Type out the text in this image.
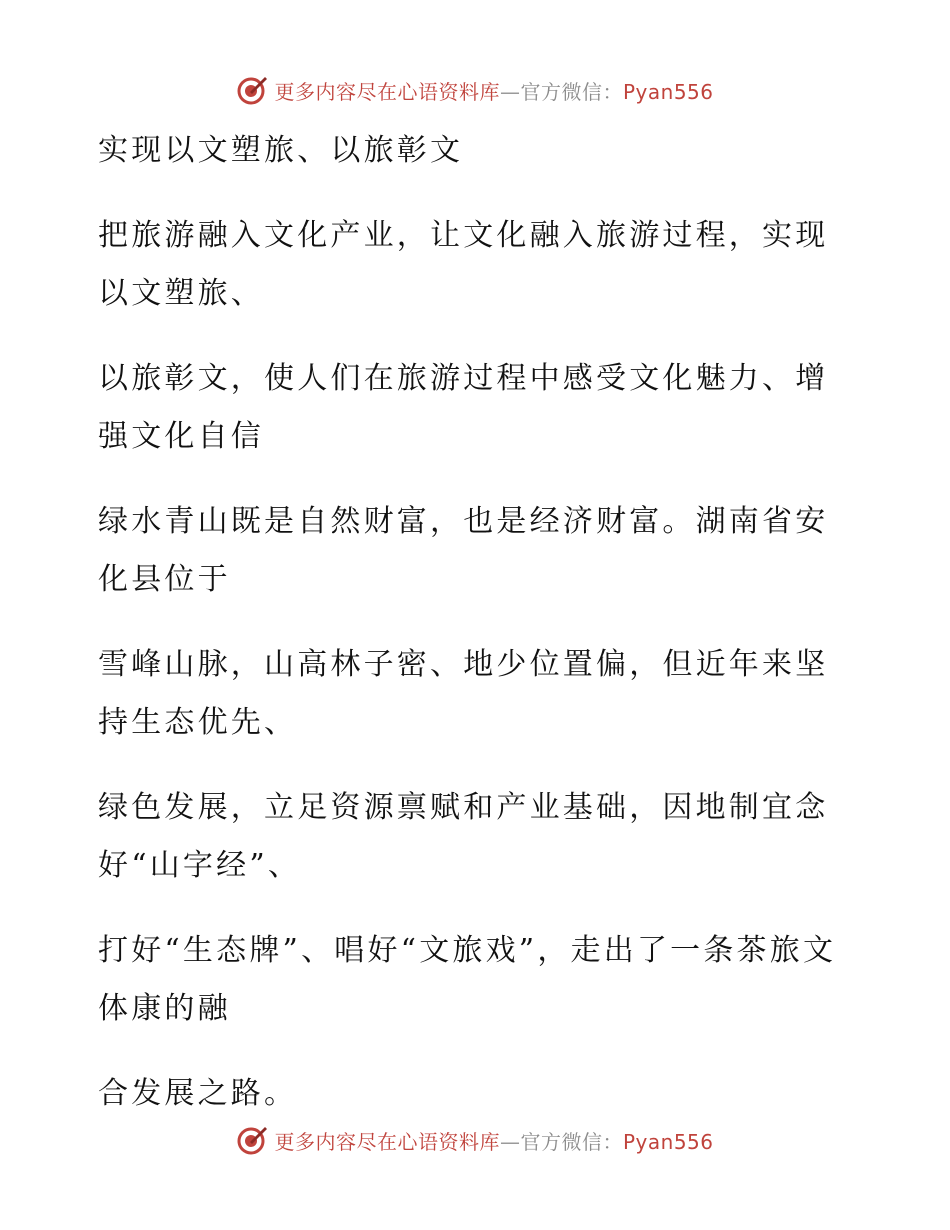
更多内容尽在心语资料库—官方微信：Pyan556

实现以文塑旅、以旅彰文

把旅游融入文化产业，让文化融入旅游过程，实现以文塑旅、

以旅彰文，使人们在旅游过程中感受文化魅力、增强文化自信

绿水青山既是自然财富，也是经济财富。湖南省安化县位于

雪峰山脉，山高林子密、地少位置偏，但近年来坚持生态优先、

绿色发展，立足资源禀赋和产业基础，因地制宜念好“山字经”、

打好“生态牌”、唱好“文旅戏”，走出了一条茶旅文体康的融

合发展之路。

更多内容尽在心语资料库—官方微信：Pyan556
